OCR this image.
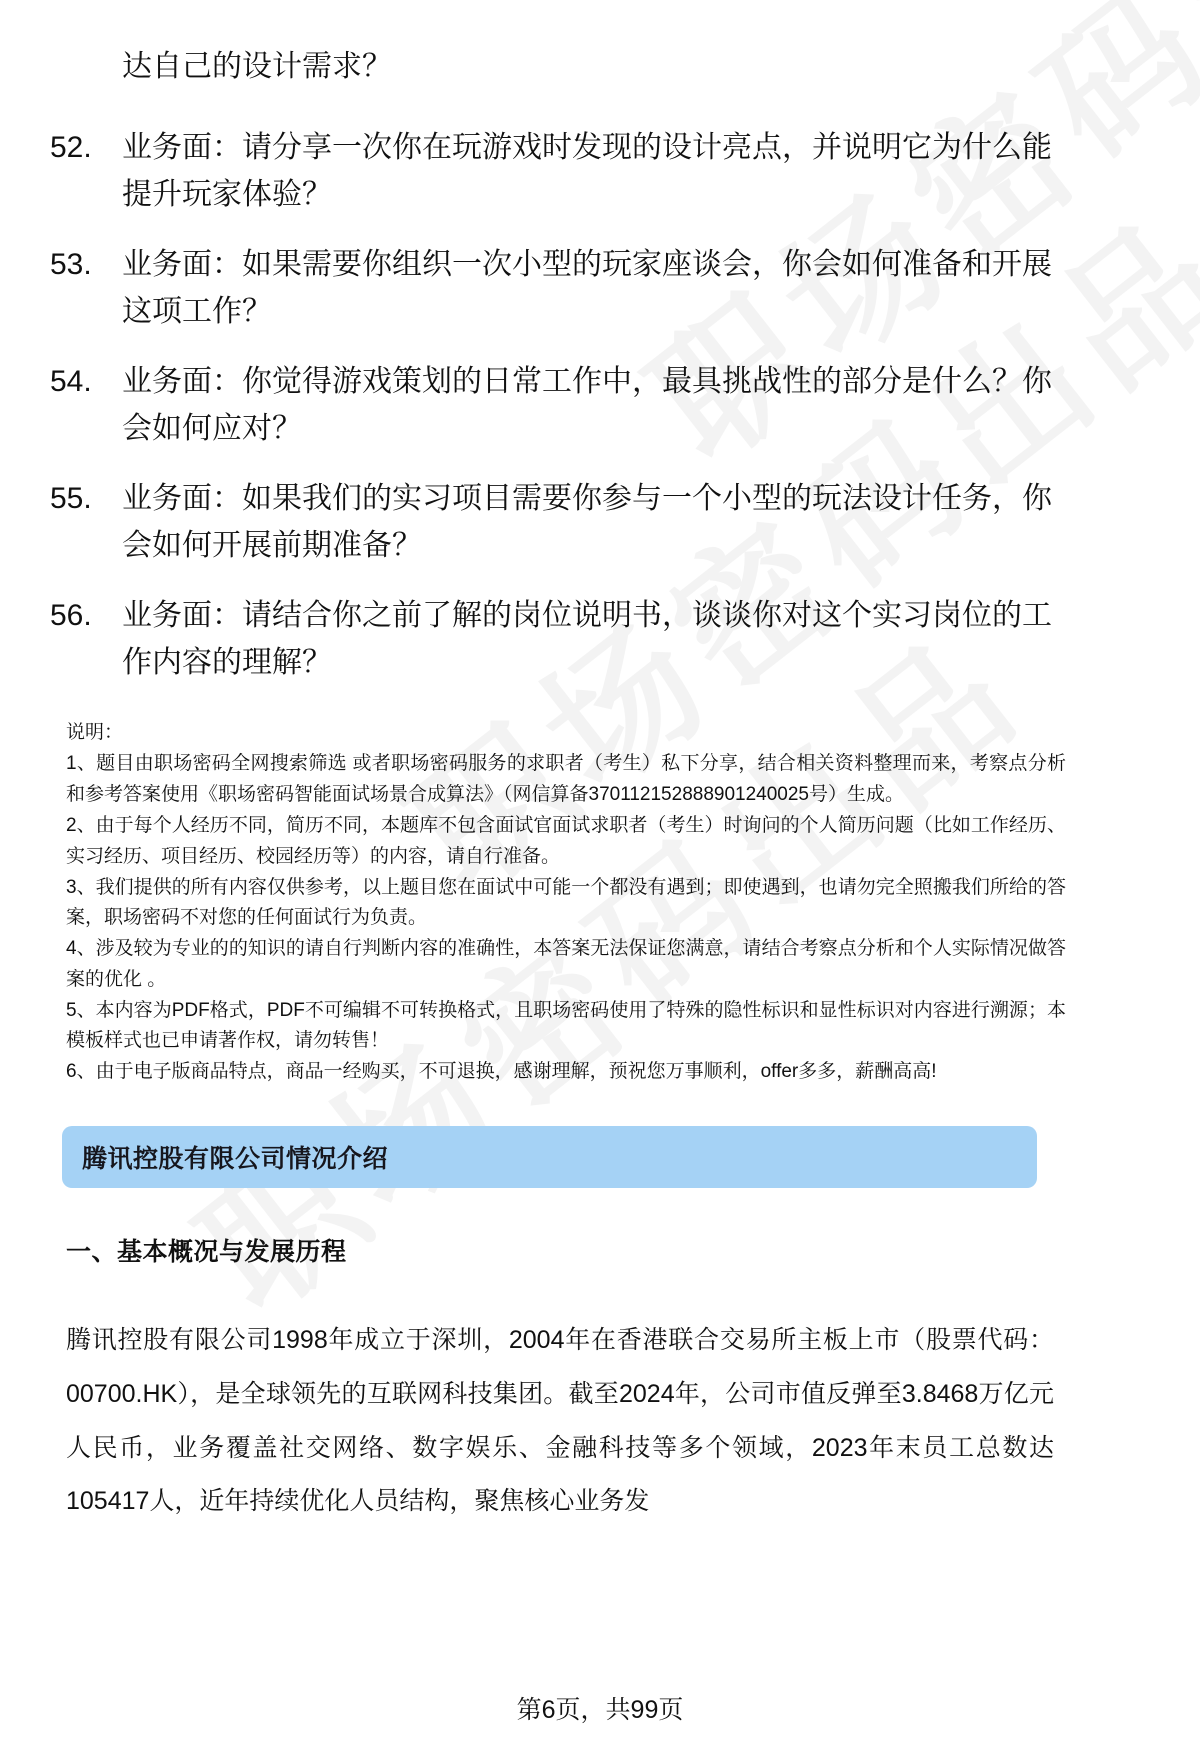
达自己的设计需求？
52.	业务面：请分享一次你在玩游戏时发现的设计亮点，并说明它为什么能提升玩家体验？
53.	业务面：如果需要你组织一次小型的玩家座谈会，你会如何准备和开展这项工作？
54.	业务面：你觉得游戏策划的日常工作中，最具挑战性的部分是什么？你会如何应对？
55.	业务面：如果我们的实习项目需要你参与一个小型的玩法设计任务，你会如何开展前期准备？
56.	业务面：请结合你之前了解的岗位说明书，谈谈你对这个实习岗位的工作内容的理解？
说明：

1、题目由职场密码全网搜索筛选 或者职场密码服务的求职者（考生）私下分享，结合相关资料整理而来，考察点分析和参考答案使用《职场密码智能面试场景合成算法》（网信算备370112152888901240025号）生成。

2、由于每个人经历不同，简历不同，本题库不包含面试官面试求职者（考生）时询问的个人简历问题（比如工作经历、实习经历、项目经历、校园经历等）的内容，请自行准备。

3、我们提供的所有内容仅供参考，以上题目您在面试中可能一个都没有遇到；即使遇到，也请勿完全照搬我们所给的答案，职场密码不对您的任何面试行为负责。

4、涉及较为专业的的知识的请自行判断内容的准确性，本答案无法保证您满意，请结合考察点分析和个人实际情况做答案的优化 。

5、本内容为PDF格式，PDF不可编辑不可转换格式，且职场密码使用了特殊的隐性标识和显性标识对内容进行溯源；本模板样式也已申请著作权，请勿转售！

6、由于电子版商品特点，商品一经购买，不可退换，感谢理解，预祝您万事顺利，offer多多，薪酬高高!

腾讯控股有限公司情况介绍
一、基本概况与发展历程

腾讯控股有限公司1998年成立于深圳，2004年在香港联合交易所主板上市（股票代码：00700.HK），是全球领先的互联网科技集团。截至2024年，公司市值反弹至3.8468万亿元人民币，业务覆盖社交网络、数字娱乐、金融科技等多个领域，2023年末员工总数达105417人，近年持续优化人员结构，聚焦核心业务发

第6页，共99页
